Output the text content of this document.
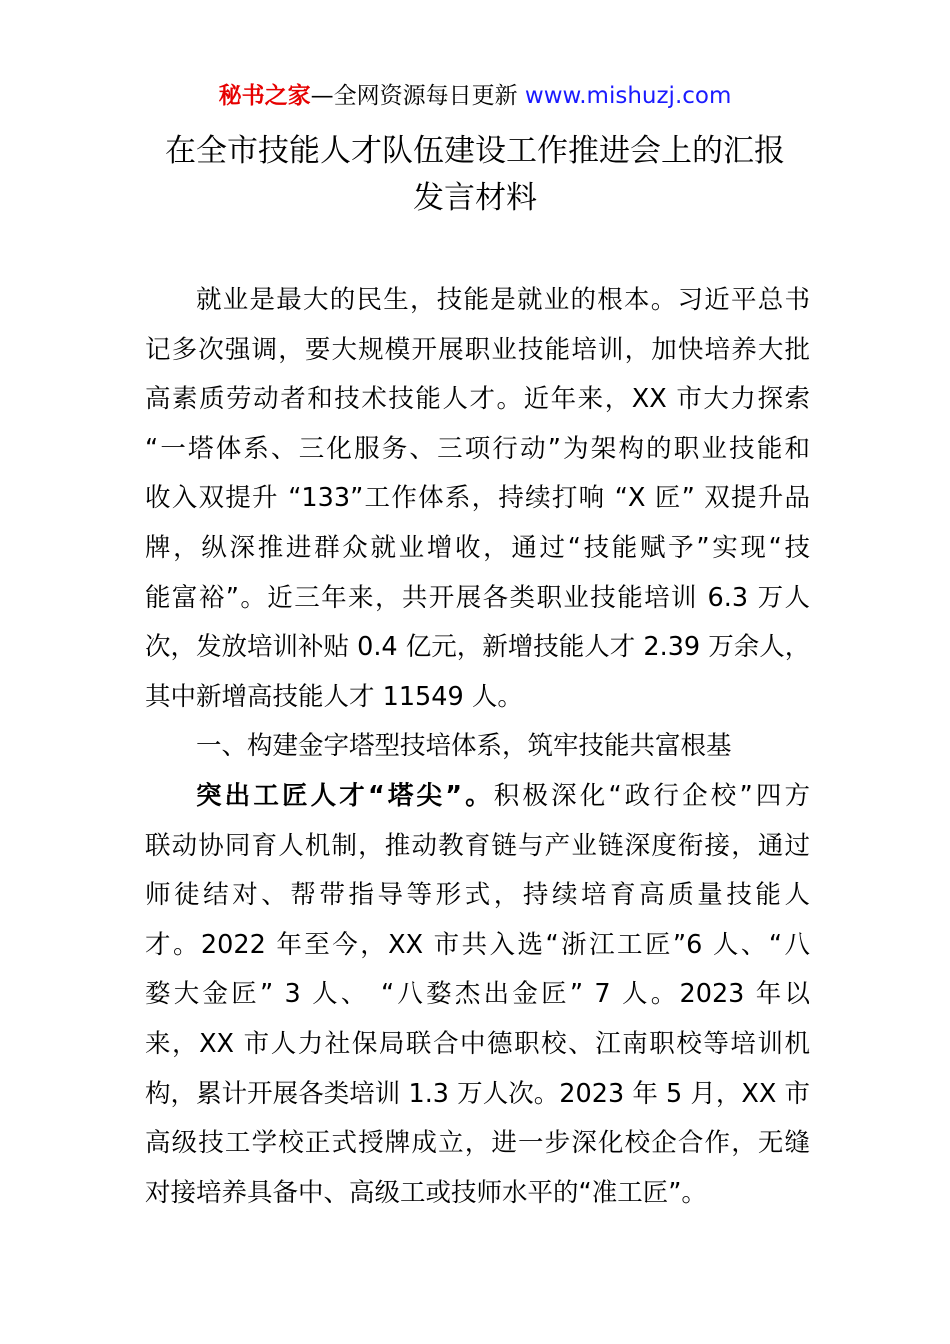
秘书之家—全网资源每日更新 www.mishuzj.com
在全市技能人才队伍建设工作推进会上的汇报
发言材料
就业是最大的民生，技能是就业的根本。习近平总书
记多次强调，要大规模开展职业技能培训，加快培养大批
高素质劳动者和技术技能人才。近年来，XX 市大力探索
“一塔体系、三化服务、三项行动”为架构的职业技能和
收入双提升 “133”工作体系，持续打响 “X 匠” 双提升品
牌，纵深推进群众就业增收，通过“技能赋予”实现“技
能富裕”。近三年来，共开展各类职业技能培训 6.3 万人
次，发放培训补贴 0.4 亿元，新增技能人才 2.39 万余人，
其中新增高技能人才 11549 人。
一、构建金字塔型技培体系，筑牢技能共富根基
突出工匠人才“塔尖”。积极深化“政行企校”四方
联动协同育人机制，推动教育链与产业链深度衔接，通过
师徒结对、帮带指导等形式，持续培育高质量技能人
才。2022 年至今，XX 市共入选“浙江工匠”6 人、“八
婺大金匠” 3 人、 “八婺杰出金匠” 7 人。2023 年以
来，XX 市人力社保局联合中德职校、江南职校等培训机
构，累计开展各类培训 1.3 万人次。2023 年 5 月，XX 市
高级技工学校正式授牌成立，进一步深化校企合作，无缝
对接培养具备中、高级工或技师水平的“准工匠”。
